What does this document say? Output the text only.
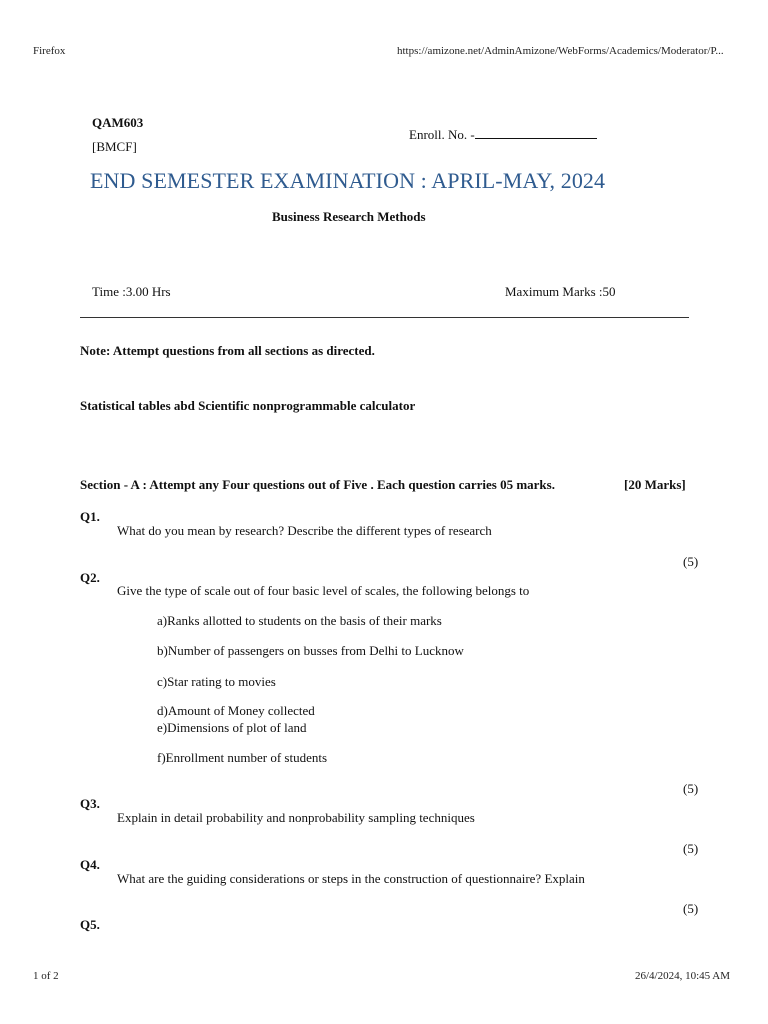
Firefox	https://amizone.net/AdminAmizone/WebForms/Academics/Moderator/P...
1 of 2	26/4/2024, 10:45 AM
QAM603
[BMCF]
Enroll. No. -
END SEMESTER EXAMINATION : APRIL-MAY, 2024
Business Research Methods
Time :3.00 Hrs	Maximum Marks :50
Note: Attempt questions from all sections as directed.
Statistical tables abd Scientific nonprogrammable calculator
Section - A : Attempt any Four questions out of Five . Each question carries 05 marks.	[20 Marks]
Q1.
What do you mean by research? Describe the different types of research
(5)
Q2.
Give the type of scale out of four basic level of scales, the following belongs to
a)Ranks allotted to students on the basis of their marks
b)Number of passengers on busses from Delhi to Lucknow
c)Star rating to movies
d)Amount of Money collected
e)Dimensions of plot of land
f)Enrollment number of students
(5)
Q3.
Explain in detail probability and nonprobability sampling techniques
(5)
Q4.
What are the guiding considerations or steps in the construction of questionnaire? Explain
(5)
Q5.
